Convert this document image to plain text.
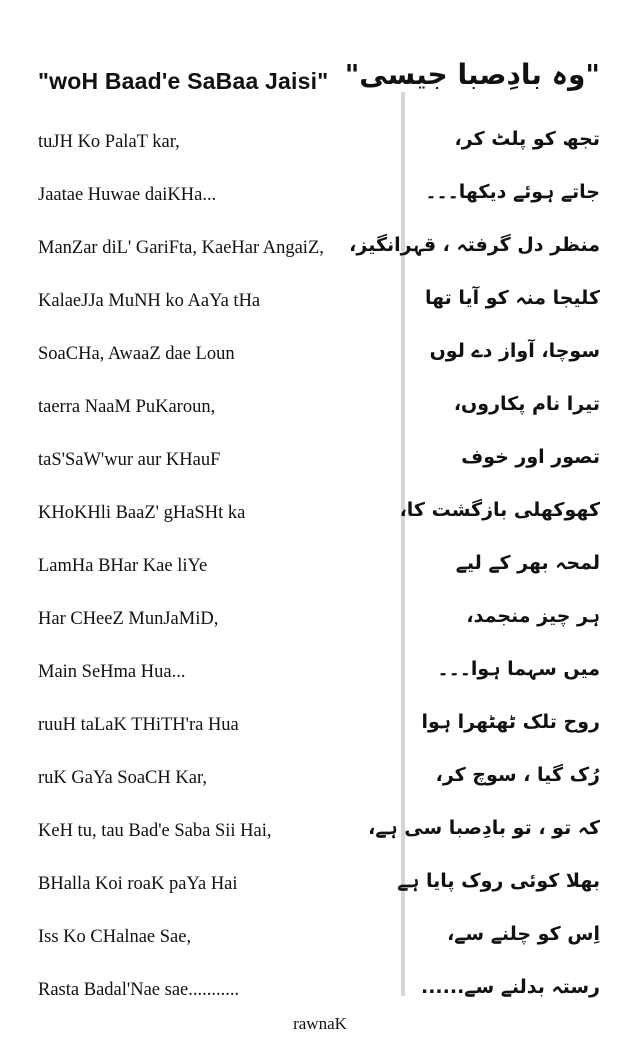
"woH Baad'e SaBaa Jaisi" "وہ بادِصبا جیسی"
tuJH Ko PalaT kar,	تجھ کو پلٹ کر،
Jaatae Huwae daiKHa...	جاتے ہوئے دیکھا۔۔۔
ManZar diL' GariFta, KaeHar AngaiZ,	منظر دل گرفتہ ، قہرانگیز،
KalaeJJa MuNH ko AaYa tHa	کلیجا منہ کو آیا تھا
SoaCHa, AwaaZ dae Loun	سوچا، آواز دے لوں
taerra NaaM PuKaroun,	تیرا نام پکاروں،
taS'SaW'wur aur KHauF	تصور اور خوف
KHoKHli BaaZ' gHaSHt ka	کھوکھلی بازگشت کا،
LamHa BHar Kae liYe	لمحہ بھر کے لیے
Har CHeeZ MunJaMiD,	ہر چیز منجمد،
Main SeHma Hua...	میں سہما ہوا۔۔۔
ruuH taLaK THiTH'ra Hua	روح تلک ٹھٹھرا ہوا
ruK GaYa SoaCH Kar,	رُک گیا ، سوچ کر،
KeH tu, tau Bad'e Saba Sii Hai,	کہ تو ، تو بادِصبا سی ہے،
BHalla Koi roaK paYa Hai	بھلا کوئی روک پایا ہے
Iss Ko CHalnae Sae,	اِس کو چلنے سے،
Rasta Badal'Nae sae...........	رستہ بدلنے سے......
rawnaK
